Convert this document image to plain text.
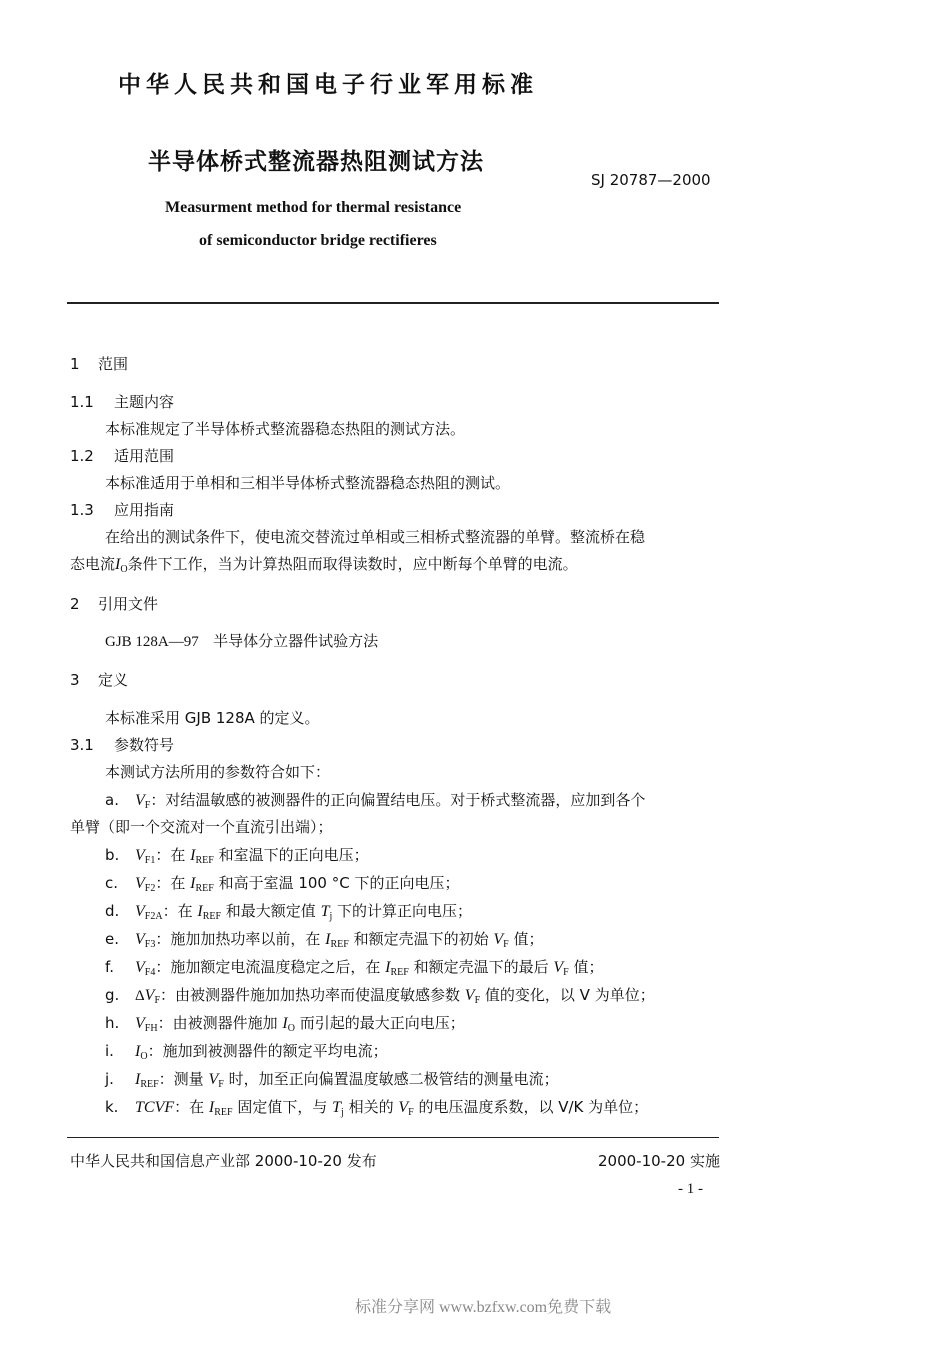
中华人民共和国电子行业军用标准
半导体桥式整流器热阻测试方法
SJ 20787—2000
Measurment method for thermal resistance
of semiconductor bridge rectifieres
1 范围
1.1 主题内容
本标准规定了半导体桥式整流器稳态热阻的测试方法。
1.2 适用范围
本标准适用于单相和三相半导体桥式整流器稳态热阻的测试。
1.3 应用指南
在给出的测试条件下，使电流交替流过单相或三相桥式整流器的单臂。整流桥在稳
态电流$I_O$条件下工作，当为计算热阻而取得读数时，应中断每个单臂的电流。
2 引用文件
GJB 128A—97 半导体分立器件试验方法
3 定义
本标准采用 GJB 128A 的定义。
3.1 参数符号
本测试方法所用的参数符合如下：
a. $V_F$：对结温敏感的被测器件的正向偏置结电压。对于桥式整流器，应加到各个
单臂（即一个交流对一个直流引出端）；
b. $V_{F1}$：在 $I_{REF}$ 和室温下的正向电压；
c. $V_{F2}$：在 $I_{REF}$ 和高于室温 100 °C 下的正向电压；
d. $V_{F2A}$：在 $I_{REF}$ 和最大额定值 $T_j$ 下的计算正向电压；
e. $V_{F3}$：施加加热功率以前，在 $I_{REF}$ 和额定壳温下的初始 $V_F$ 值；
f. $V_{F4}$：施加额定电流温度稳定之后，在 $I_{REF}$ 和额定壳温下的最后 $V_F$ 值；
g. $\Delta V_F$：由被测器件施加加热功率而使温度敏感参数 $V_F$ 值的变化，以 V 为单位；
h. $V_{FH}$：由被测器件施加 $I_O$ 而引起的最大正向电压；
i. $I_O$：施加到被测器件的额定平均电流；
j. $I_{REF}$：测量 $V_F$ 时，加至正向偏置温度敏感二极管结的测量电流；
k. TCVF：在 $I_{REF}$ 固定值下，与 $T_j$ 相关的 $V_F$ 的电压温度系数，以 V/K 为单位；
中华人民共和国信息产业部 2000-10-20 发布	2000-10-20 实施
- 1 -
标准分享网 www.bzfxw.com免费下载
